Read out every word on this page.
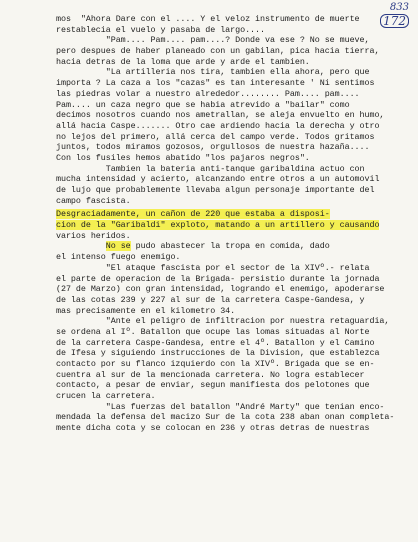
833
172
mos  "Ahora Dare con el .... Y el veloz instrumento de muerte
restablecia el vuelo y pasaba de largo....
"Pam.... Pam.... pam....? Donde va ese ? No se mueve,
pero despues de haber planeado con un gabilan, pica hacia tierra,
hacia detras de la loma que arde y arde el tambien.
"La artilleria nos tira, tambien ella ahora, pero que
importa ? La caza a los "cazas" es tan interesante ' Ni sentimos
las piedras volar a nuestro alrededor........ Pam.... pam....
Pam.... un caza negro que se habia atrevido a "bailar" como
decimos nosotros cuando nos ametrallan, se aleja envuelto en humo,
allá hacia Caspe....... Otro cae ardiendo hacia la derecha y otro
no lejos del primero, allá cerca del campo verde. Todos gritamos
juntos, todos miramos gozosos, orgullosos de nuestra hazaña....
Con los fusiles hemos abatido "los pajaros negros".
Tambien la bateria anti-tanque garibaldina actuo con
mucha intensidad y acierto, alcanzando entre otros a un automovil
de lujo que probablemente llevaba algun personaje importante del
campo fascista.
Desgraciadamente, un cañon de 220 que estaba a disposi-
cion de la "Garibaldi" exploto, matando a un artillero y causando
varios heridos.
No se pudo abastecer la tropa en comida, dado
el intenso fuego enemigo.
"El ataque fascista por el sector de la XIVº.- relata
el parte de operacion de la Brigada- persistio durante la jornada
(27 de Marzo) con gran intensidad, logrando el enemigo, apoderarse
de las cotas 239 y 227 al sur de la carretera Caspe-Gandesa, y
mas precisamente en el kilometro 34.
"Ante el peligro de infiltracion por nuestra retaguardia,
se ordena al Iº. Batallon que ocupe las lomas situadas al Norte
de la carretera Caspe-Gandesa, entre el 4º. Batallon y el Camino
de Ifesa y siguiendo instrucciones de la Division, que establezca
contacto por su flanco izquierdo con la XIVº. Brigada que se en-
cuentra al sur de la mencionada carretera. No logra establecer
contacto, a pesar de enviar, segun manifiesta dos pelotones que
crucen la carretera.
"Las fuerzas del batallon "André Marty" que tenian enco-
mendada la defensa del macizo Sur de la cota 238 aban onan completa-
mente dicha cota y se colocan en 236 y otras detras de nuestras
